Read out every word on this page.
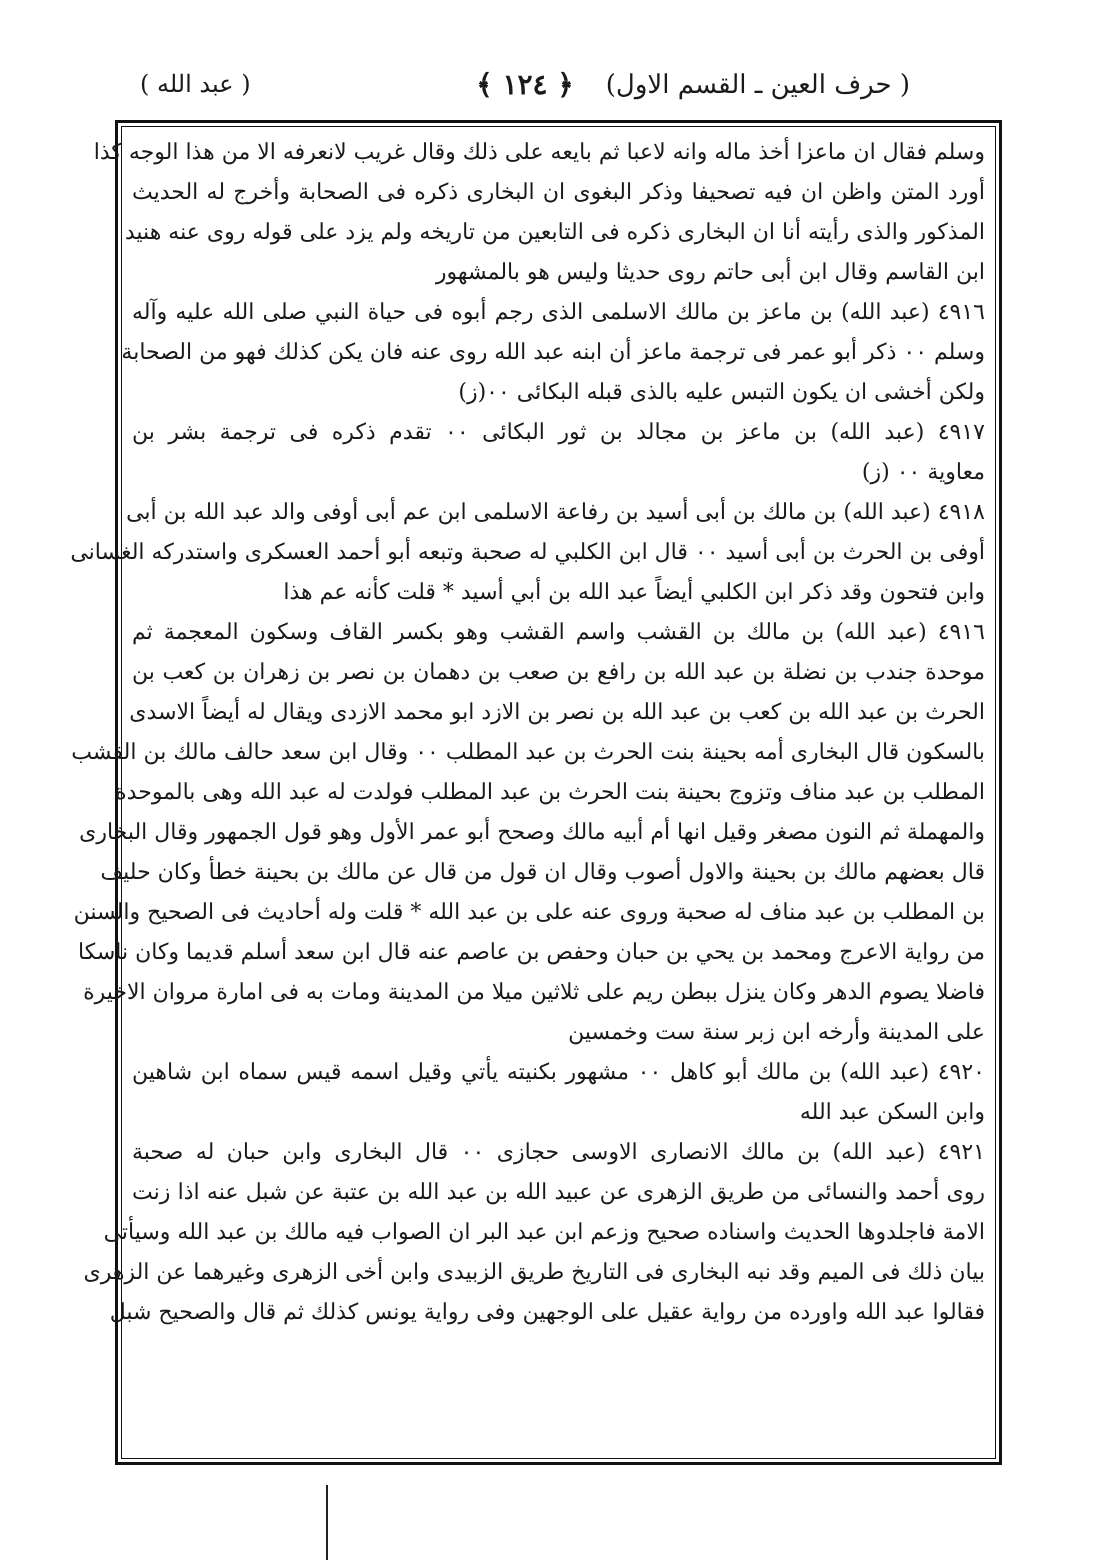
( حرف العين ـ القسم الاول)
﴿ ١٢٤ ﴾
( عبد الله )
وسلم فقال ان ماعزا أخذ ماله وانه لاعبا ثم بايعه على ذلك وقال غريب لانعرفه الا من هذا الوجه كذا
أورد المتن واظن ان فيه تصحيفا وذكر البغوى ان البخارى ذكره فى الصحابة وأخرج له الحديث
المذكور والذى رأيته أنا ان البخارى ذكره فى التابعين من تاريخه ولم يزد على قوله روى عنه هنيد
ابن القاسم وقال ابن أبى حاتم روى حديثا وليس هو بالمشهور
٤٩١٦ (عبد الله) بن ماعز بن مالك الاسلمى الذى رجم أبوه فى حياة النبي صلى الله عليه وآله
وسلم ٠٠ ذكر أبو عمر فى ترجمة ماعز أن ابنه عبد الله روى عنه فان يكن كذلك فهو من الصحابة
ولكن أخشى ان يكون التبس عليه بالذى قبله البكائى ٠٠(ز)
٤٩١٧ (عبد الله) بن ماعز بن مجالد بن ثور البكائى ٠٠ تقدم ذكره فى ترجمة بشر بن
معاوية ٠٠ (ز)
٤٩١٨ (عبد الله) بن مالك بن أبى أسيد بن رفاعة الاسلمى ابن عم أبى أوفى والد عبد الله بن أبى
أوفى بن الحرث بن أبى أسيد ٠٠ قال ابن الكلبي له صحبة وتبعه أبو أحمد العسكرى واستدركه الغسانى
وابن فتحون وقد ذكر ابن الكلبي أيضاً عبد الله بن أبي أسيد * قلت كأنه عم هذا
٤٩١٦ (عبد الله) بن مالك بن القشب واسم القشب وهو بكسر القاف وسكون المعجمة ثم
موحدة جندب بن نضلة بن عبد الله بن رافع بن صعب بن دهمان بن نصر بن زهران بن كعب بن
الحرث بن عبد الله بن كعب بن عبد الله بن نصر بن الازد ابو محمد الازدى ويقال له أيضاً الاسدى
بالسكون قال البخارى أمه بحينة بنت الحرث بن عبد المطلب ٠٠ وقال ابن سعد حالف مالك بن القشب
المطلب بن عبد مناف وتزوج بحينة بنت الحرث بن عبد المطلب فولدت له عبد الله وهى بالموحدة
والمهملة ثم النون مصغر وقيل انها أم أبيه مالك وصحح أبو عمر الأول وهو قول الجمهور وقال البخارى
قال بعضهم مالك بن بحينة والاول أصوب وقال ان قول من قال عن مالك بن بحينة خطأ وكان حليف
بن المطلب بن عبد مناف له صحبة وروى عنه على بن عبد الله * قلت وله أحاديث فى الصحيح والسنن
من رواية الاعرج ومحمد بن يحي بن حبان وحفص بن عاصم عنه قال ابن سعد أسلم قديما وكان ناسكا
فاضلا يصوم الدهر وكان ينزل ببطن ريم على ثلاثين ميلا من المدينة ومات به فى امارة مروان الاخيرة
على المدينة وأرخه ابن زبر سنة ست وخمسين
٤٩٢٠ (عبد الله) بن مالك أبو كاهل ٠٠ مشهور بكنيته يأتي وقيل اسمه قيس سماه ابن شاهين
وابن السكن عبد الله
٤٩٢١ (عبد الله) بن مالك الانصارى الاوسى حجازى ٠٠ قال البخارى وابن حبان له صحبة
روى أحمد والنسائى من طريق الزهرى عن عبيد الله بن عبد الله بن عتبة عن شبل عنه اذا زنت
الامة فاجلدوها الحديث واسناده صحيح وزعم ابن عبد البر ان الصواب فيه مالك بن عبد الله وسيأتى
بيان ذلك فى الميم وقد نبه البخارى فى التاريخ طريق الزبيدى وابن أخى الزهرى وغيرهما عن الزهرى
فقالوا عبد الله واورده من رواية عقيل على الوجهين وفى رواية يونس كذلك ثم قال والصحيح شبل
